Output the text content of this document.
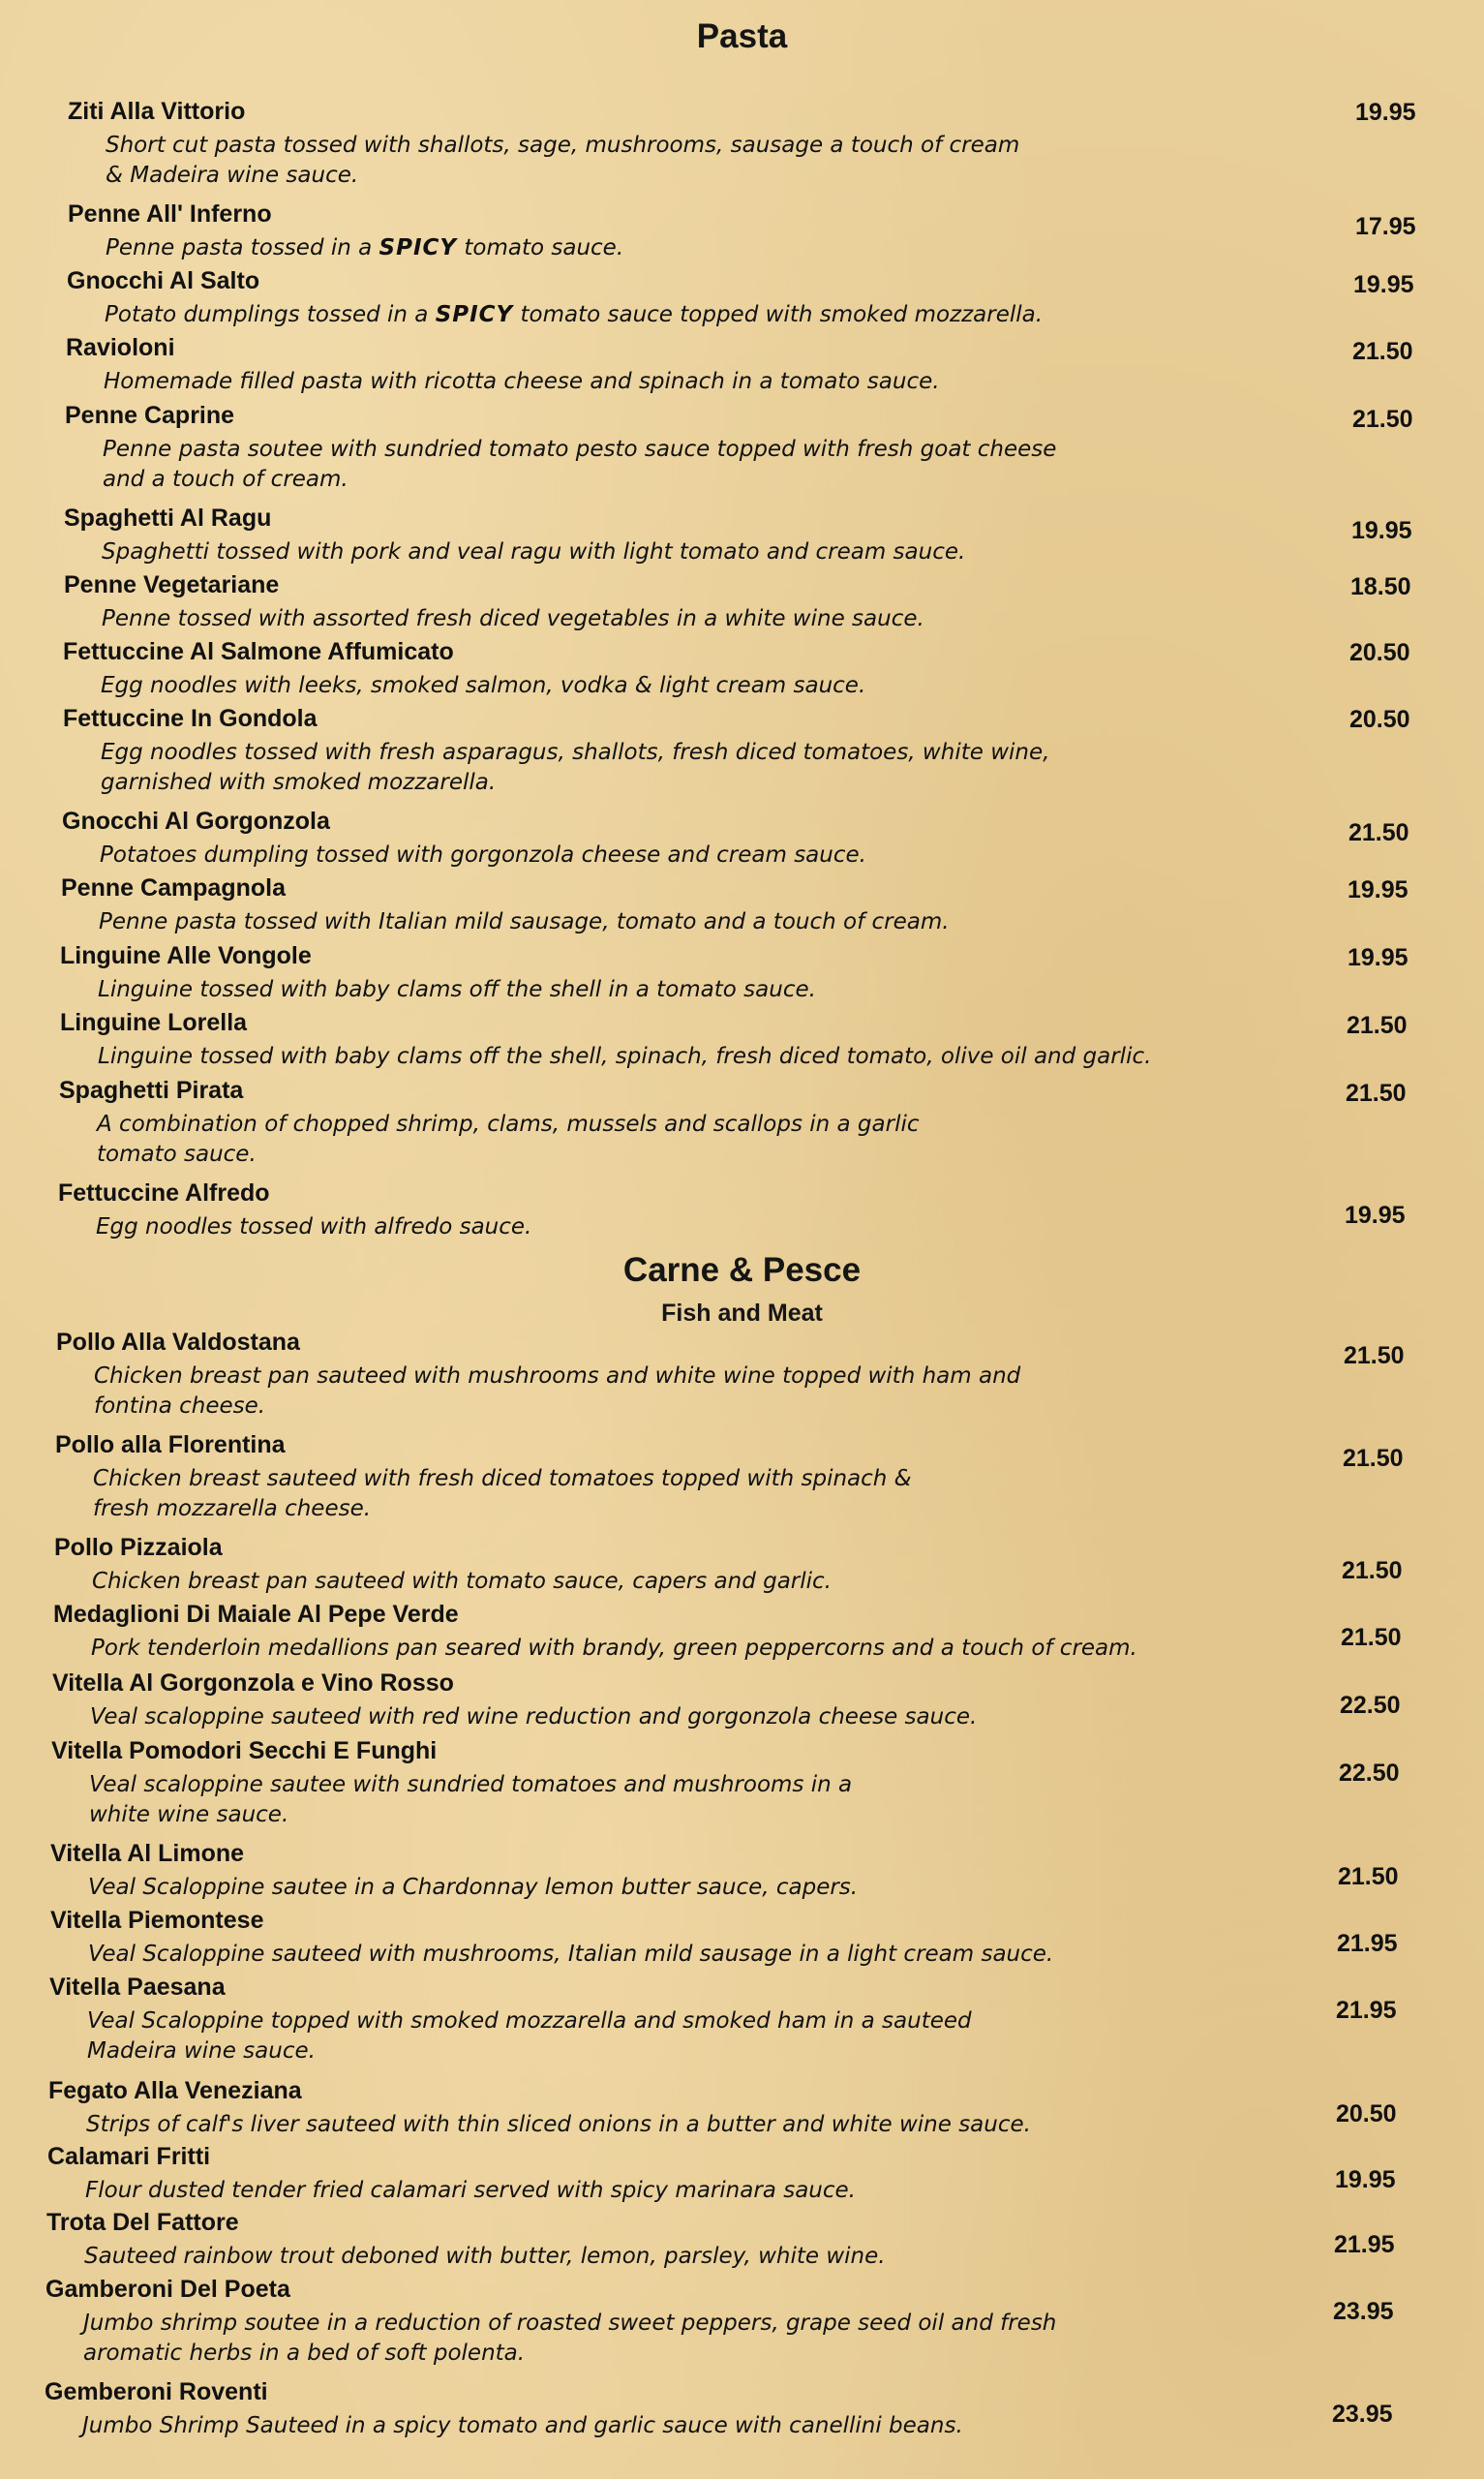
Pasta
Ziti Alla Vittorio
Short cut pasta tossed with shallots, sage, mushrooms, sausage a touch of cream
& Madeira wine sauce.
19.95
Penne All' Inferno
Penne pasta tossed in a SPICY tomato sauce.
17.95
Gnocchi Al Salto
Potato dumplings tossed in a SPICY tomato sauce topped with smoked mozzarella.
19.95
Ravioloni
Homemade filled pasta with ricotta cheese and spinach in a tomato sauce.
21.50
Penne Caprine
Penne pasta soutee with sundried tomato pesto sauce topped with fresh goat cheese
and a touch of cream.
21.50
Spaghetti Al Ragu
Spaghetti tossed with pork and veal ragu with light tomato and cream sauce.
19.95
Penne Vegetariane
Penne tossed with assorted fresh diced vegetables in a white wine sauce.
18.50
Fettuccine Al Salmone Affumicato
Egg noodles with leeks, smoked salmon, vodka & light cream sauce.
20.50
Fettuccine In Gondola
Egg noodles tossed with fresh asparagus, shallots, fresh diced tomatoes, white wine,
garnished with smoked mozzarella.
20.50
Gnocchi Al Gorgonzola
Potatoes dumpling tossed with gorgonzola cheese and cream sauce.
21.50
Penne Campagnola
Penne pasta tossed with Italian mild sausage, tomato and a touch of cream.
19.95
Linguine Alle Vongole
Linguine tossed with baby clams off the shell in a tomato sauce.
19.95
Linguine Lorella
Linguine tossed with baby clams off the shell, spinach, fresh diced tomato, olive oil and garlic.
21.50
Spaghetti Pirata
A combination of chopped shrimp, clams, mussels and scallops in a garlic
tomato sauce.
21.50
Fettuccine Alfredo
Egg noodles tossed with alfredo sauce.	19.95
Carne & Pesce
Fish and Meat
Pollo Alla Valdostana
Chicken breast pan sauteed with mushrooms and white wine topped with ham and
fontina cheese.
21.50
Pollo alla Florentina
Chicken breast sauteed with fresh diced tomatoes topped with spinach &
fresh mozzarella cheese.
21.50
Pollo Pizzaiola
Chicken breast pan sauteed with tomato sauce, capers and garlic.	21.50
Medaglioni Di Maiale Al Pepe Verde
Pork tenderloin medallions pan seared with brandy, green peppercorns and a touch of cream.	21.50
Vitella Al Gorgonzola e Vino Rosso
Veal scaloppine sauteed with red wine reduction and gorgonzola cheese sauce.	22.50
Vitella Pomodori Secchi E Funghi
Veal scaloppine sautee with sundried tomatoes and mushrooms in a
white wine sauce.
22.50
Vitella Al Limone
Veal Scaloppine sautee in a Chardonnay lemon butter sauce, capers.	21.50
Vitella Piemontese
Veal Scaloppine sauteed with mushrooms, Italian mild sausage in a light cream sauce.	21.95
Vitella Paesana
Veal Scaloppine topped with smoked mozzarella and smoked ham in a sauteed
Madeira wine sauce.
21.95
Fegato Alla Veneziana
Strips of calf's liver sauteed with thin sliced onions in a butter and white wine sauce.	20.50
Calamari Fritti
Flour dusted tender fried calamari served with spicy marinara sauce.	19.95
Trota Del Fattore
Sauteed rainbow trout deboned with butter, lemon, parsley, white wine.	21.95
Gamberoni Del Poeta
Jumbo shrimp soutee in a reduction of roasted sweet peppers, grape seed oil and fresh
aromatic herbs in a bed of soft polenta.
23.95
Gemberoni Roventi
Jumbo Shrimp Sauteed in a spicy tomato and garlic sauce with canellini beans.	23.95
